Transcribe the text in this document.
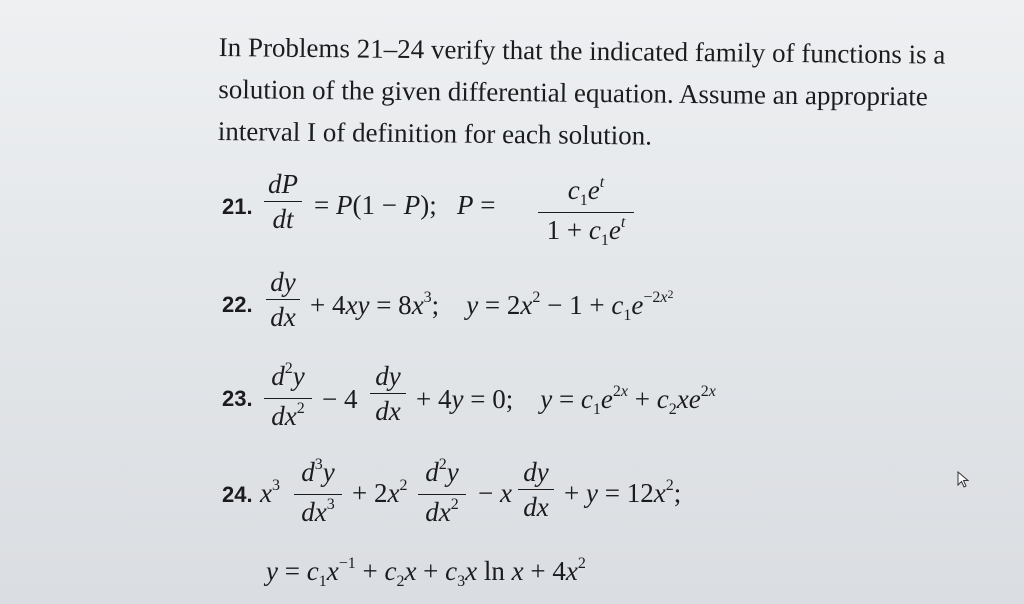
In Problems 21–24 verify that the indicated family of functions is a
solution of the given differential equation. Assume an appropriate
interval I of definition for each solution.
21.
dP
dt = P(1 − P);   P =	$c_1e^t$
$1 + c_1e^t$
22.
dy
dx + $4xy = 8x^3$;    $y = 2x^2 - 1 + c_1e^{-2x^2}$
23.
$d^2y$
$dx^2 - 4$
dy
dx + 4y = 0;    $y = c_1e^{2x} + c_2xe^{2x}$
24. $x^3$ $d^3y$
$dx^3 + 2x^2$ $d^2y$
$dx^2 - x$
dy
dx + $y = 12x^2$;
$y = c_1x^{-1} + c_2x + c_3x$ $\ln x + 4x^2$
